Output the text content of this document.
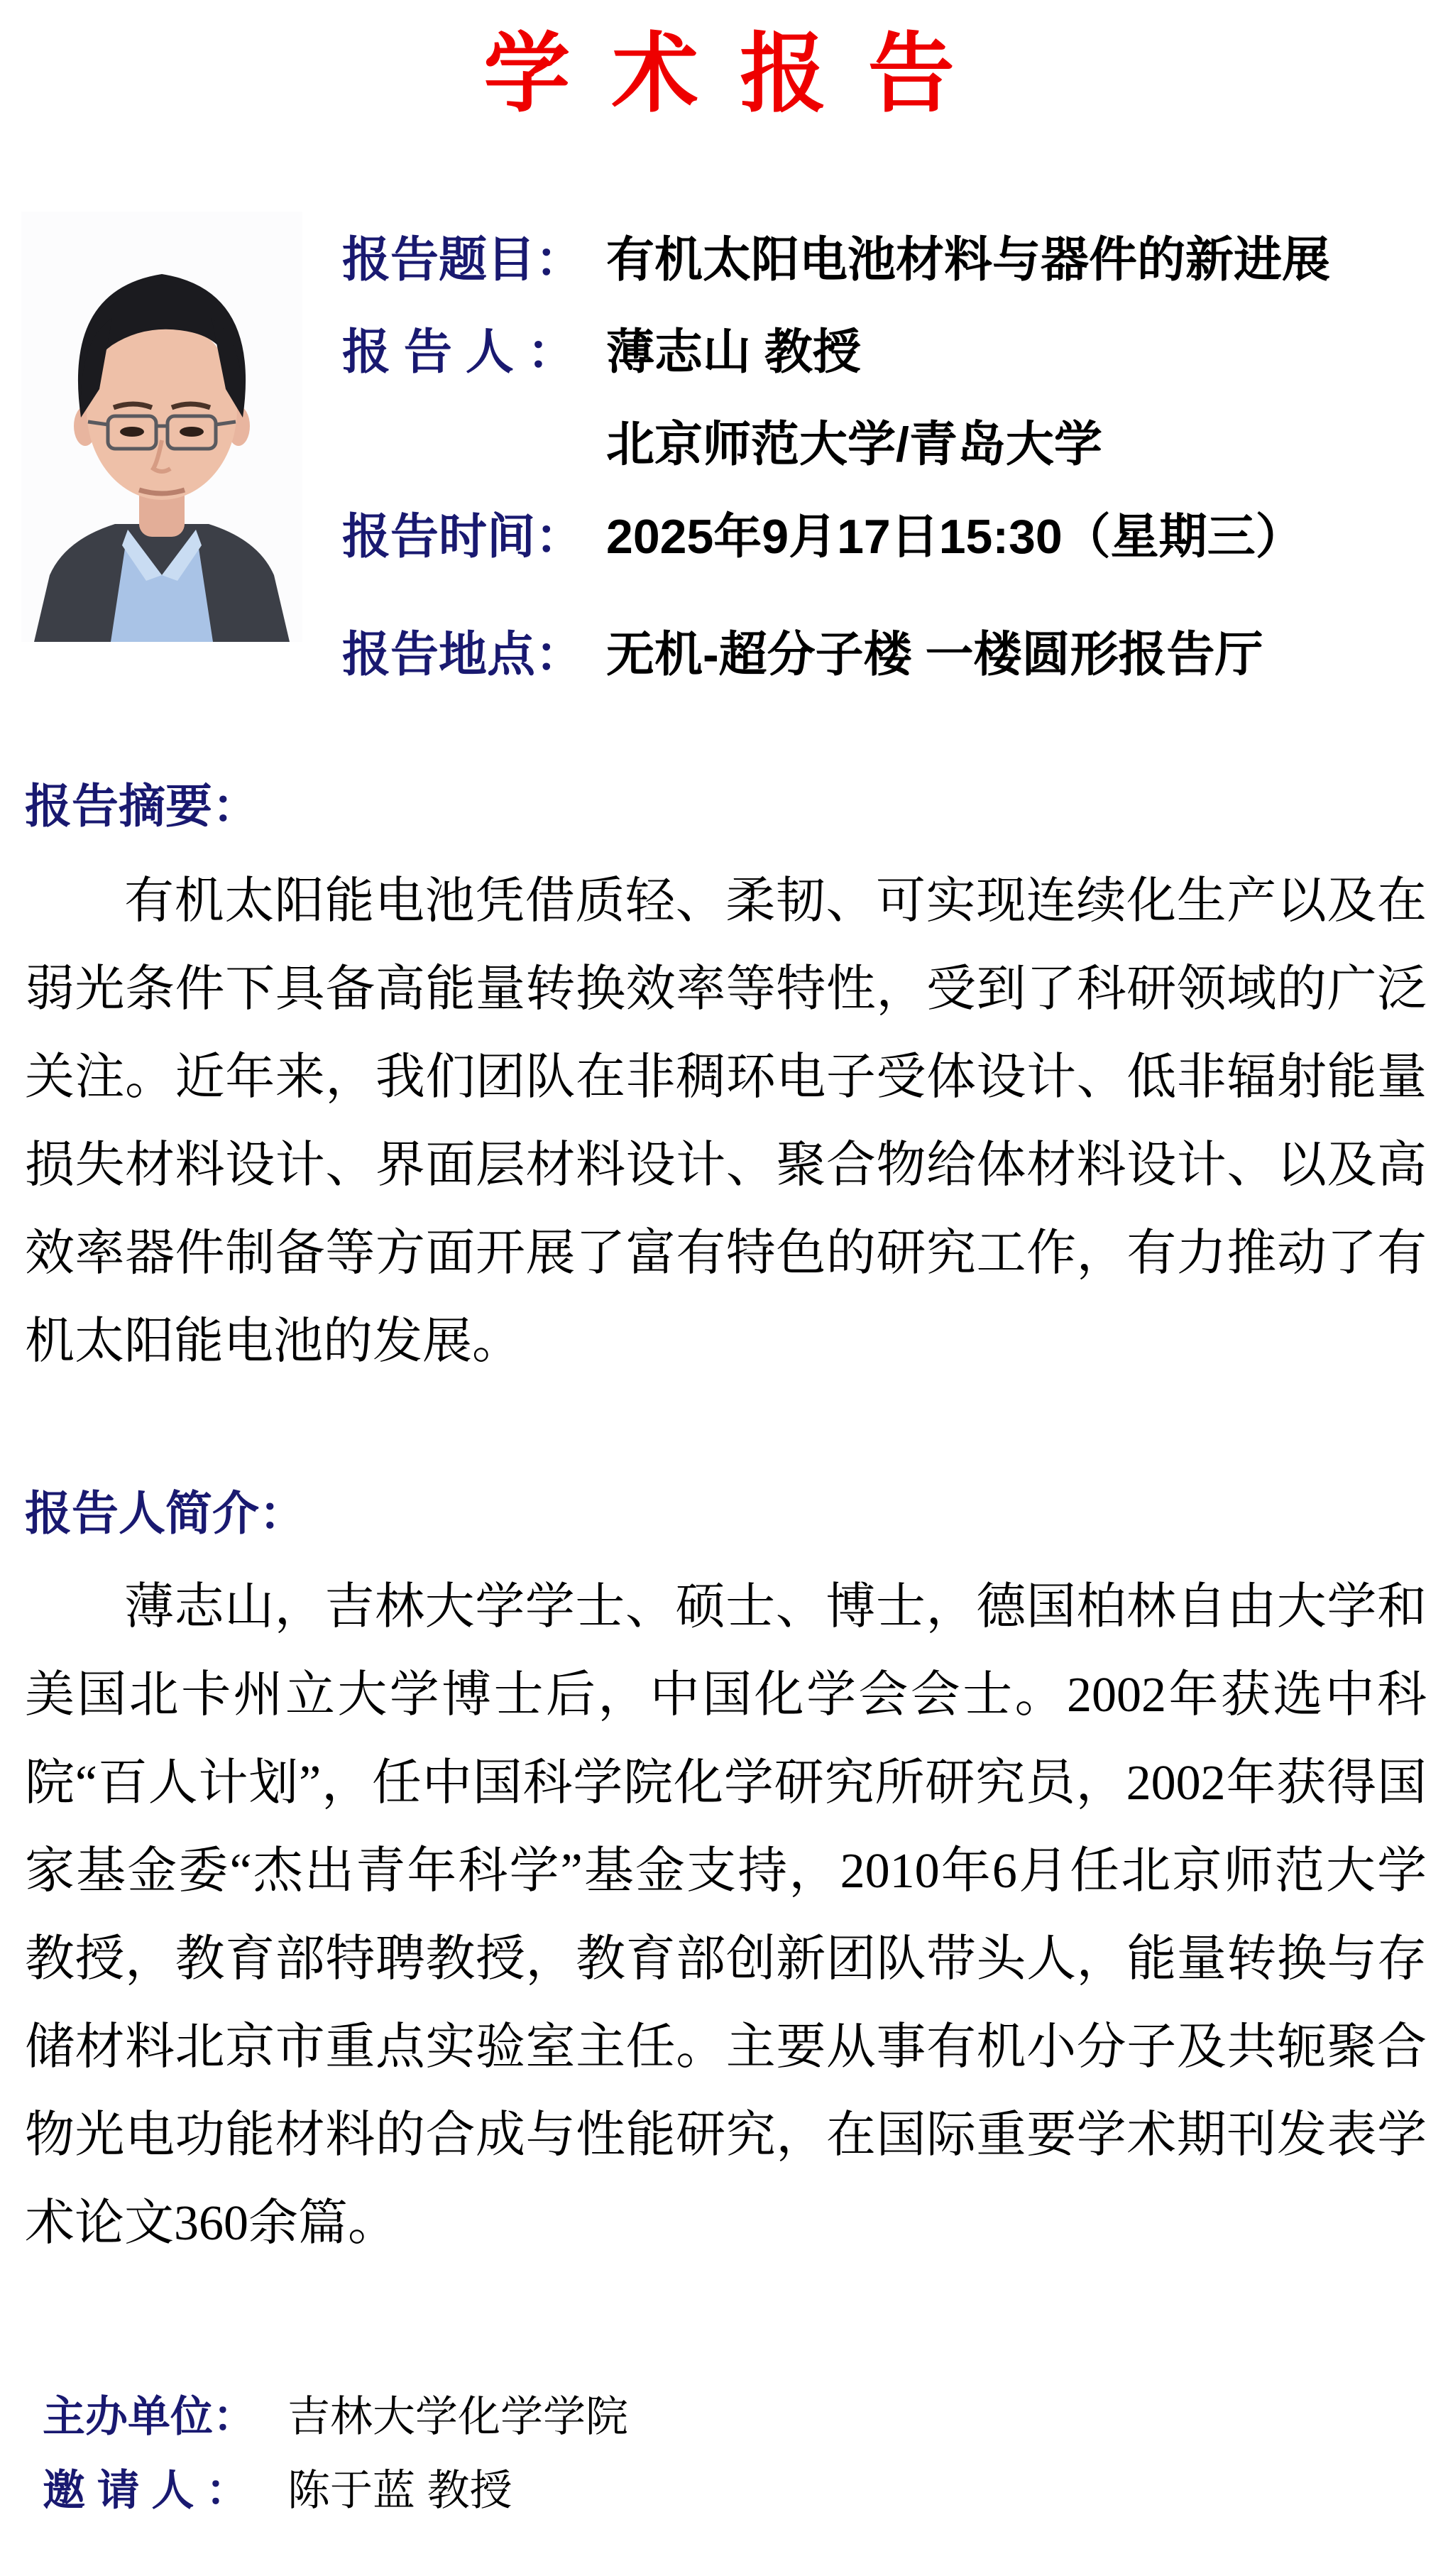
学 术 报 告
报告题目： 有机太阳电池材料与器件的新进展
报 告 人 ： 薄志山 教授
北京师范大学/青岛大学
报告时间： 2025年9月17日15:30（星期三）
报告地点： 无机-超分子楼 一楼圆形报告厅
报告摘要：
有机太阳能电池凭借质轻、柔韧、可实现连续化生产以及在弱光条件下具备高能量转换效率等特性，受到了科研领域的广泛关注。近年来，我们团队在非稠环电子受体设计、低非辐射能量损失材料设计、界面层材料设计、聚合物给体材料设计、以及高效率器件制备等方面开展了富有特色的研究工作，有力推动了有机太阳能电池的发展。
报告人简介：
薄志山，吉林大学学士、硕士、博士，德国柏林自由大学和美国北卡州立大学博士后，中国化学会会士。2002年获选中科院“百人计划”，任中国科学院化学研究所研究员，2002年获得国家基金委“杰出青年科学”基金支持，2010年6月任北京师范大学教授，教育部特聘教授，教育部创新团队带头人，能量转换与存储材料北京市重点实验室主任。主要从事有机小分子及共轭聚合物光电功能材料的合成与性能研究，在国际重要学术期刊发表学术论文360余篇。
主办单位： 吉林大学化学学院
邀 请 人 ： 陈于蓝 教授
